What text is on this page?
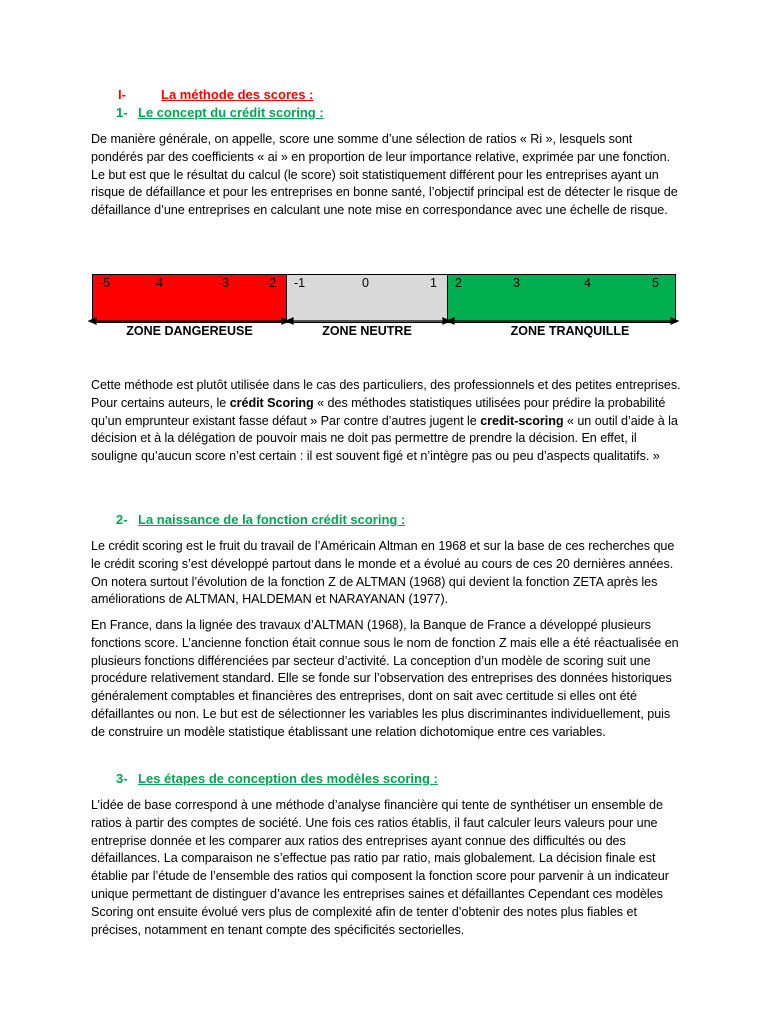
I-	La méthode des scores :
1- Le concept du crédit scoring :

De manière générale, on appelle, score une somme d’une sélection de ratios « Ri », lesquels sont pondérés par des coefficients « ai » en proportion de leur importance relative, exprimée par une fonction. Le but est que le résultat du calcul (le score) soit statistiquement différent pour les entreprises ayant un risque de défaillance et pour les entreprises en bonne santé, l’objectif principal est de détecter le risque de défaillance d’une entreprises en calculant une note mise en correspondance avec une échelle de risque.

-5	-4	-3	-2 -1	0	1 2	3	4	5
ZONE DANGEREUSE	ZONE NEUTRE	ZONE TRANQUILLE

Cette méthode est plutôt utilisée dans le cas des particuliers, des professionnels et des petites entreprises. Pour certains auteurs, le crédit Scoring « des méthodes statistiques utilisées pour prédire la probabilité qu’un emprunteur existant fasse défaut » Par contre d’autres jugent le credit-scoring « un outil d’aide à la décision et à la délégation de pouvoir mais ne doit pas permettre de prendre la décision. En effet, il souligne qu’aucun score n’est certain : il est souvent figé et n’intègre pas ou peu d’aspects qualitatifs. »

2- La naissance de la fonction crédit scoring :

Le crédit scoring est le fruit du travail de l’Américain Altman en 1968 et sur la base de ces recherches que le crédit scoring s’est développé partout dans le monde et a évolué au cours de ces 20 dernières années. On notera surtout l’évolution de la fonction Z de ALTMAN (1968) qui devient la fonction ZETA après les améliorations de ALTMAN, HALDEMAN et NARAYANAN (1977).

En France, dans la lignée des travaux d’ALTMAN (1968), la Banque de France a développé plusieurs fonctions score. L’ancienne fonction était connue sous le nom de fonction Z mais elle a été réactualisée en plusieurs fonctions différenciées par secteur d’activité. La conception d’un modèle de scoring suit une procédure relativement standard. Elle se fonde sur l’observation des entreprises des données historiques généralement comptables et financières des entreprises, dont on sait avec certitude si elles ont été défaillantes ou non. Le but est de sélectionner les variables les plus discriminantes individuellement, puis de construire un modèle statistique établissant une relation dichotomique entre ces variables.

3- Les étapes de conception des modèles scoring :

L’idée de base correspond à une méthode d’analyse financière qui tente de synthétiser un ensemble de ratios à partir des comptes de société. Une fois ces ratios établis, il faut calculer leurs valeurs pour une entreprise donnée et les comparer aux ratios des entreprises ayant connue des difficultés ou des défaillances. La comparaison ne s’effectue pas ratio par ratio, mais globalement. La décision finale est établie par l’étude de l’ensemble des ratios qui composent la fonction score pour parvenir à un indicateur unique permettant de distinguer d’avance les entreprises saines et défaillantes Cependant ces modèles Scoring ont ensuite évolué vers plus de complexité afin de tenter d’obtenir des notes plus fiables et précises, notamment en tenant compte des spécificités sectorielles.
